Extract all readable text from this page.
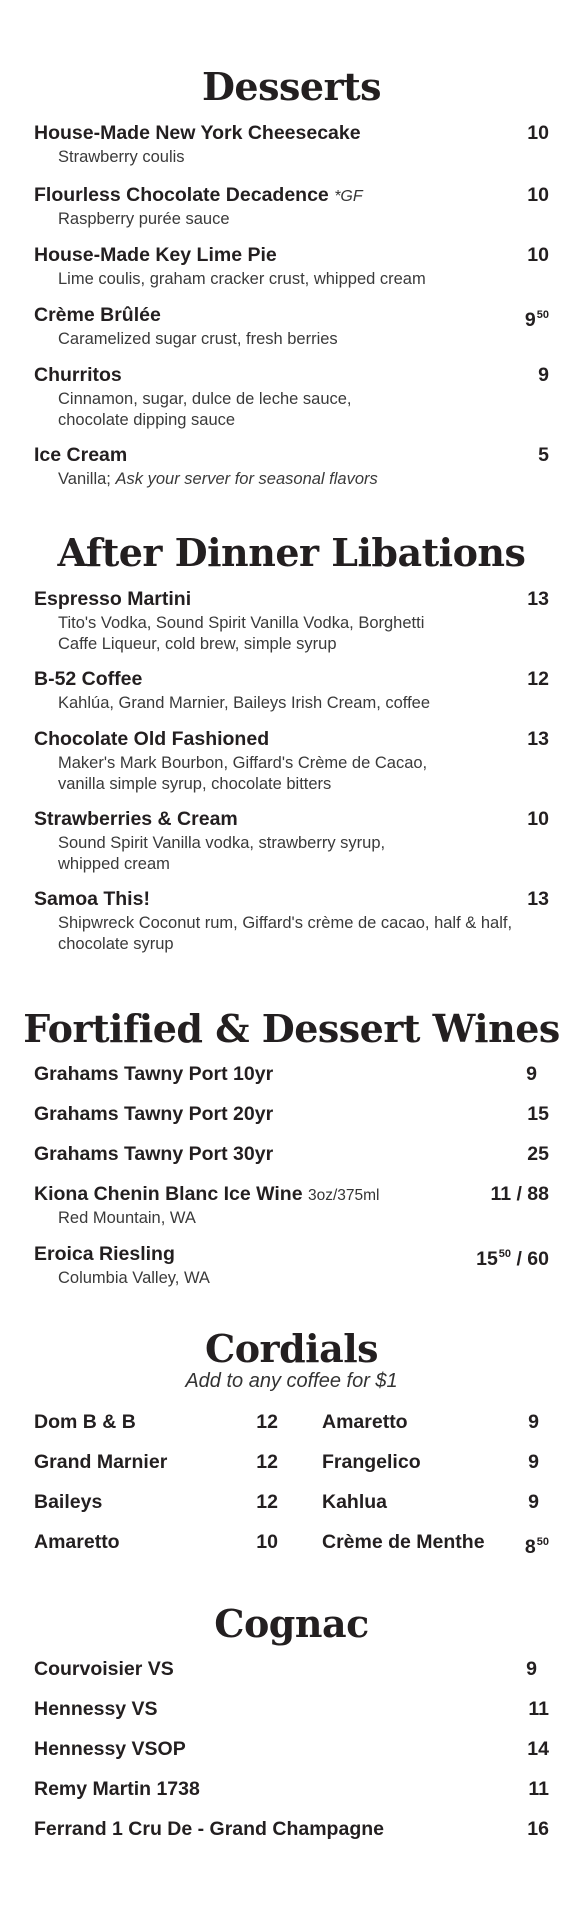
Desserts
House-Made New York Cheesecake	10
Strawberry coulis
Flourless Chocolate Decadence *GF	10
Raspberry purée sauce
House-Made Key Lime Pie	10
Lime coulis, graham cracker crust, whipped cream
Crème Brûlée	$9^{50}$
Caramelized sugar crust, fresh berries
Churritos	9
Cinnamon, sugar, dulce de leche sauce, chocolate dipping sauce
Ice Cream	5
Vanilla; Ask your server for seasonal flavors
After Dinner Libations
Espresso Martini	13
Tito's Vodka, Sound Spirit Vanilla Vodka, Borghetti Caffe Liqueur, cold brew, simple syrup
B-52 Coffee	12
Kahlúa, Grand Marnier, Baileys Irish Cream, coffee
Chocolate Old Fashioned	13
Maker's Mark Bourbon, Giffard's Crème de Cacao, vanilla simple syrup, chocolate bitters
Strawberries & Cream	10
Sound Spirit Vanilla vodka, strawberry syrup, whipped cream
Samoa This!	13
Shipwreck Coconut rum, Giffard's crème de cacao, half & half, chocolate syrup
Fortified & Dessert Wines
Grahams Tawny Port 10yr	9
Grahams Tawny Port 20yr	15
Grahams Tawny Port 30yr	25
Kiona Chenin Blanc Ice Wine 3oz/375ml	11 / 88
Red Mountain, WA
Eroica Riesling	$15^{50} / 60$
Columbia Valley, WA
Cordials
Add to any coffee for $1
Dom B & B	12
Grand Marnier	12
Baileys	12
Amaretto	10
Amaretto	9
Frangelico	9
Kahlua	9
Crème de Menthe $8^{50}$
Cognac
Courvoisier VS	9
Hennessy VS	11
Hennessy VSOP	14
Remy Martin 1738	11
Ferrand 1 Cru De - Grand Champagne	16
